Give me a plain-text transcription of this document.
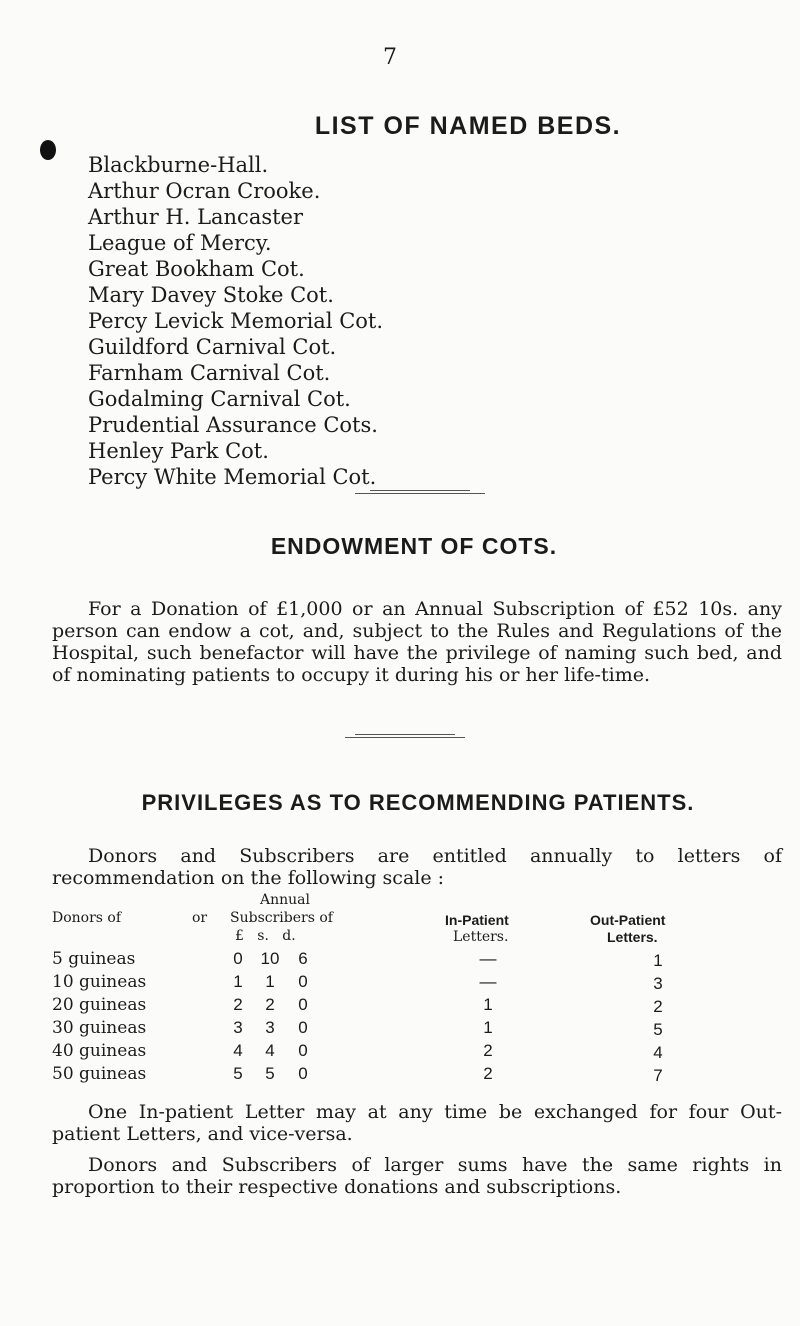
7
LIST OF NAMED BEDS.
Blackburne-Hall.
Arthur Ocran Crooke.
Arthur H. Lancaster
League of Mercy.
Great Bookham Cot.
Mary Davey Stoke Cot.
Percy Levick Memorial Cot.
Guildford Carnival Cot.
Farnham Carnival Cot.
Godalming Carnival Cot.
Prudential Assurance Cots.
Henley Park Cot.
Percy White Memorial Cot.
ENDOWMENT OF COTS.
For a Donation of £1,000 or an Annual Subscription of £52 10s. any person can endow a cot, and, subject to the Rules and Regulations of the Hospital, such benefactor will have the privilege of naming such bed, and of nominating patients to occupy it during his or her life-time.
PRIVILEGES AS TO RECOMMENDING PATIENTS.
Donors and Subscribers are entitled annually to letters of recommendation on the following scale :
Donors of	or
Annual
Subscribers of
£   s.   d.
In-Patient
Letters.
Out-Patient
Letters.
5 guineas	0	10	6	—	1
10 guineas	1	1	0	—	3
20 guineas	2	2	0	1	2
30 guineas	3	3	0	1	5
40 guineas	4	4	0	2	4
50 guineas	5	5	0	2	7
One In-patient Letter may at any time be exchanged for four Out-patient Letters, and vice-versa.
Donors and Subscribers of larger sums have the same rights in proportion to their respective donations and subscriptions.
